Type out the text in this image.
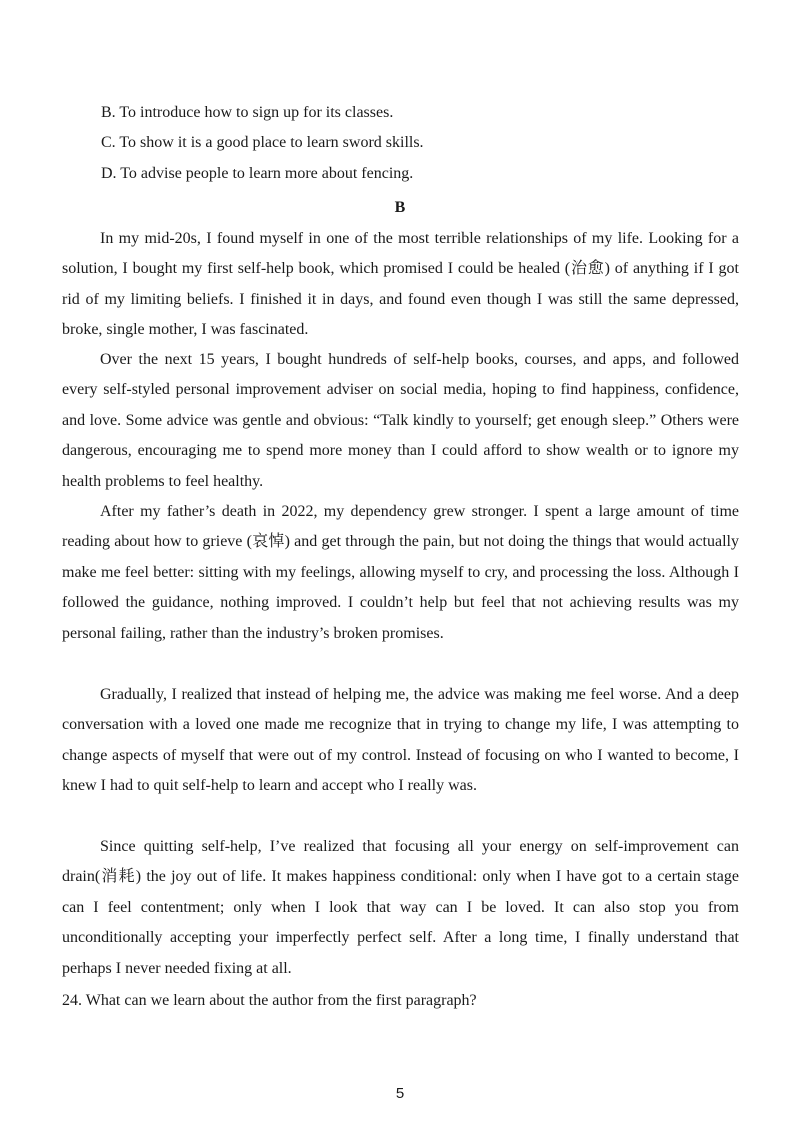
B. To introduce how to sign up for its classes.
C. To show it is a good place to learn sword skills.
D. To advise people to learn more about fencing.
B

In my mid-20s, I found myself in one of the most terrible relationships of my life. Looking for a solution, I bought my first self-help book, which promised I could be healed (治愈) of anything if I got rid of my limiting beliefs. I finished it in days, and found even though I was still the same depressed, broke, single mother, I was fascinated.

Over the next 15 years, I bought hundreds of self-help books, courses, and apps, and followed every self-styled personal improvement adviser on social media, hoping to find happiness, confidence, and love. Some advice was gentle and obvious: “Talk kindly to yourself; get enough sleep.” Others were dangerous, encouraging me to spend more money than I could afford to show wealth or to ignore my health problems to feel healthy.

After my father’s death in 2022, my dependency grew stronger. I spent a large amount of time reading about how to grieve (哀悼) and get through the pain, but not doing the things that would actually make me feel better: sitting with my feelings, allowing myself to cry, and processing the loss. Although I followed the guidance, nothing improved. I couldn’t help but feel that not achieving results was my personal failing, rather than the industry’s broken promises.

Gradually, I realized that instead of helping me, the advice was making me feel worse. And a deep conversation with a loved one made me recognize that in trying to change my life, I was attempting to change aspects of myself that were out of my control. Instead of focusing on who I wanted to become, I knew I had to quit self-help to learn and accept who I really was.

Since quitting self-help, I’ve realized that focusing all your energy on self-improvement can drain(消耗) the joy out of life. It makes happiness conditional: only when I have got to a certain stage can I feel contentment; only when I look that way can I be loved. It can also stop you from unconditionally accepting your imperfectly perfect self. After a long time, I finally understand that perhaps I never needed fixing at all.

24. What can we learn about the author from the first paragraph?
5
